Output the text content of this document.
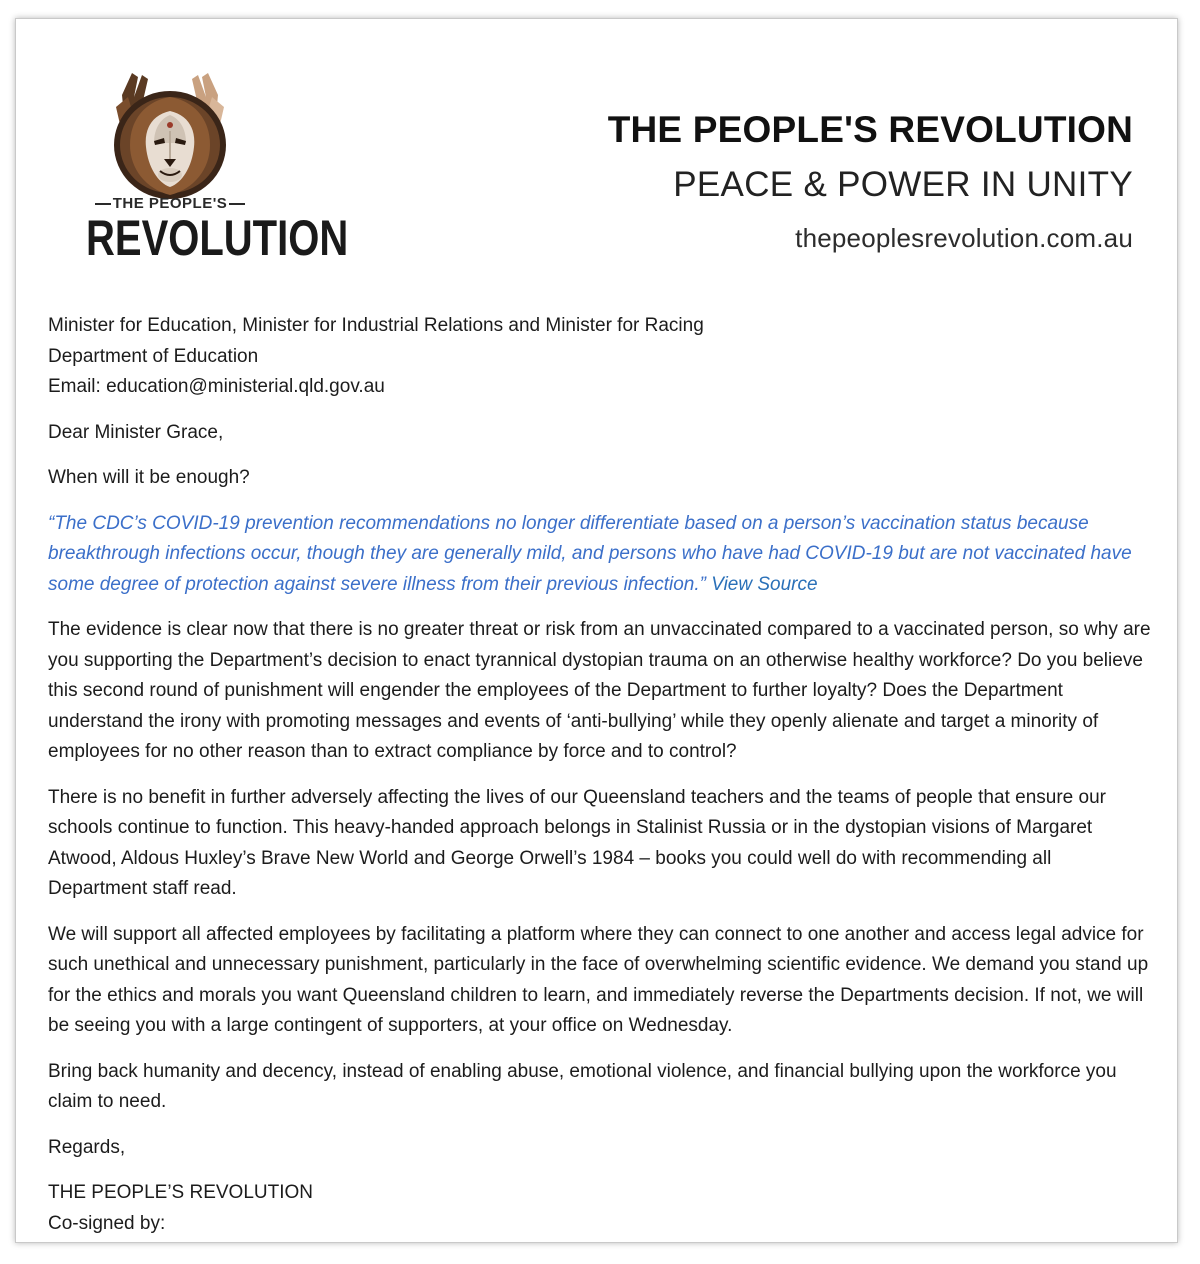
THE PEOPLE'S
REVOLUTION
THE PEOPLE'S REVOLUTION
PEACE & POWER IN UNITY
thepeoplesrevolution.com.au

Minister for Education, Minister for Industrial Relations and Minister for Racing
Department of Education
Email: education@ministerial.qld.gov.au

Dear Minister Grace,

When will it be enough?

“The CDC’s COVID-19 prevention recommendations no longer differentiate based on a person’s vaccination status because breakthrough infections occur, though they are generally mild, and persons who have had COVID-19 but are not vaccinated have some degree of protection against severe illness from their previous infection.” View Source

The evidence is clear now that there is no greater threat or risk from an unvaccinated compared to a vaccinated person, so why are you supporting the Department’s decision to enact tyrannical dystopian trauma on an otherwise healthy workforce? Do you believe this second round of punishment will engender the employees of the Department to further loyalty? Does the Department understand the irony with promoting messages and events of ‘anti-bullying’ while they openly alienate and target a minority of employees for no other reason than to extract compliance by force and to control?

There is no benefit in further adversely affecting the lives of our Queensland teachers and the teams of people that ensure our schools continue to function. This heavy-handed approach belongs in Stalinist Russia or in the dystopian visions of Margaret Atwood, Aldous Huxley’s Brave New World and George Orwell’s 1984 – books you could well do with recommending all Department staff read.

We will support all affected employees by facilitating a platform where they can connect to one another and access legal advice for such unethical and unnecessary punishment, particularly in the face of overwhelming scientific evidence. We demand you stand up for the ethics and morals you want Queensland children to learn, and immediately reverse the Departments decision. If not, we will be seeing you with a large contingent of supporters, at your office on Wednesday.

Bring back humanity and decency, instead of enabling abuse, emotional violence, and financial bullying upon the workforce you claim to need.

Regards,

THE PEOPLE’S REVOLUTION
Co-signed by:
